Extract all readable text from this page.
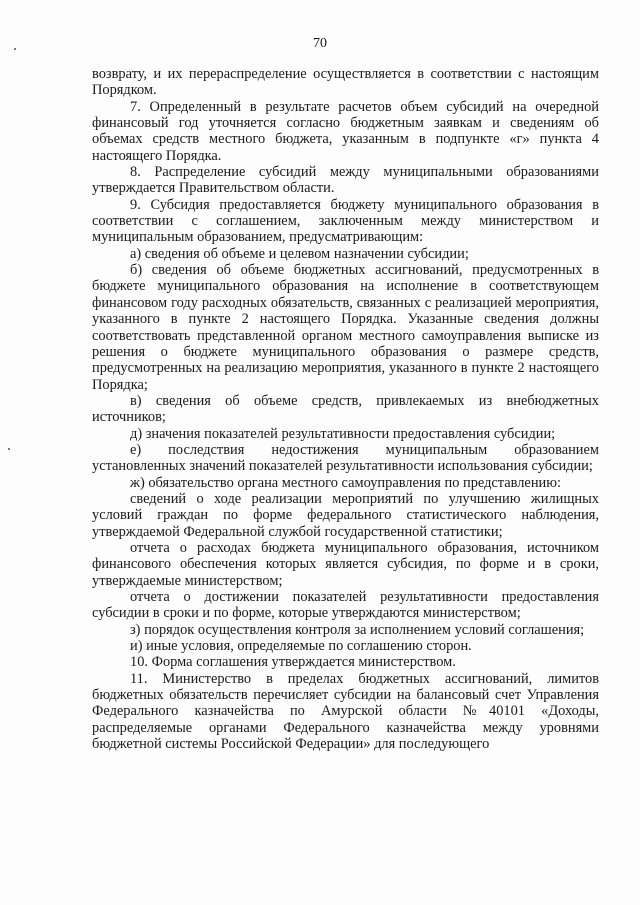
70

возврату, и их перераспределение осуществляется в соответствии с настоящим Порядком.

7. Определенный в результате расчетов объем субсидий на очередной финансовый год уточняется согласно бюджетным заявкам и сведениям об объемах средств местного бюджета, указанным в подпункте «г» пункта 4 настоящего Порядка.

8. Распределение субсидий между муниципальными образованиями утверждается Правительством области.

9. Субсидия предоставляется бюджету муниципального образования в соответствии с соглашением, заключенным между министерством и муниципальным образованием, предусматривающим:

а) сведения об объеме и целевом назначении субсидии;

б) сведения об объеме бюджетных ассигнований, предусмотренных в бюджете муниципального образования на исполнение в соответствующем финансовом году расходных обязательств, связанных с реализацией мероприятия, указанного в пункте 2 настоящего Порядка. Указанные сведения должны соответствовать представленной органом местного самоуправления выписке из решения о бюджете муниципального образования о размере средств, предусмотренных на реализацию мероприятия, указанного в пункте 2 настоящего Порядка;

в) сведения об объеме средств, привлекаемых из внебюджетных источников;

д) значения показателей результативности предоставления субсидии;

е) последствия недостижения муниципальным образованием установленных значений показателей результативности использования субсидии;

ж) обязательство органа местного самоуправления по представлению:

сведений о ходе реализации мероприятий по улучшению жилищных условий граждан по форме федерального статистического наблюдения, утверждаемой Федеральной службой государственной статистики;

отчета о расходах бюджета муниципального образования, источником финансового обеспечения которых является субсидия, по форме и в сроки, утверждаемые министерством;

отчета о достижении показателей результативности предоставления субсидии в сроки и по форме, которые утверждаются министерством;

з) порядок осуществления контроля за исполнением условий соглашения;

и) иные условия, определяемые по соглашению сторон.

10. Форма соглашения утверждается министерством.

11. Министерство в пределах бюджетных ассигнований, лимитов бюджетных обязательств перечисляет субсидии на балансовый счет Управления Федерального казначейства по Амурской области №40101 «Доходы, распределяемые органами Федерального казначейства между уровнями бюджетной системы Российской Федерации» для последующего
